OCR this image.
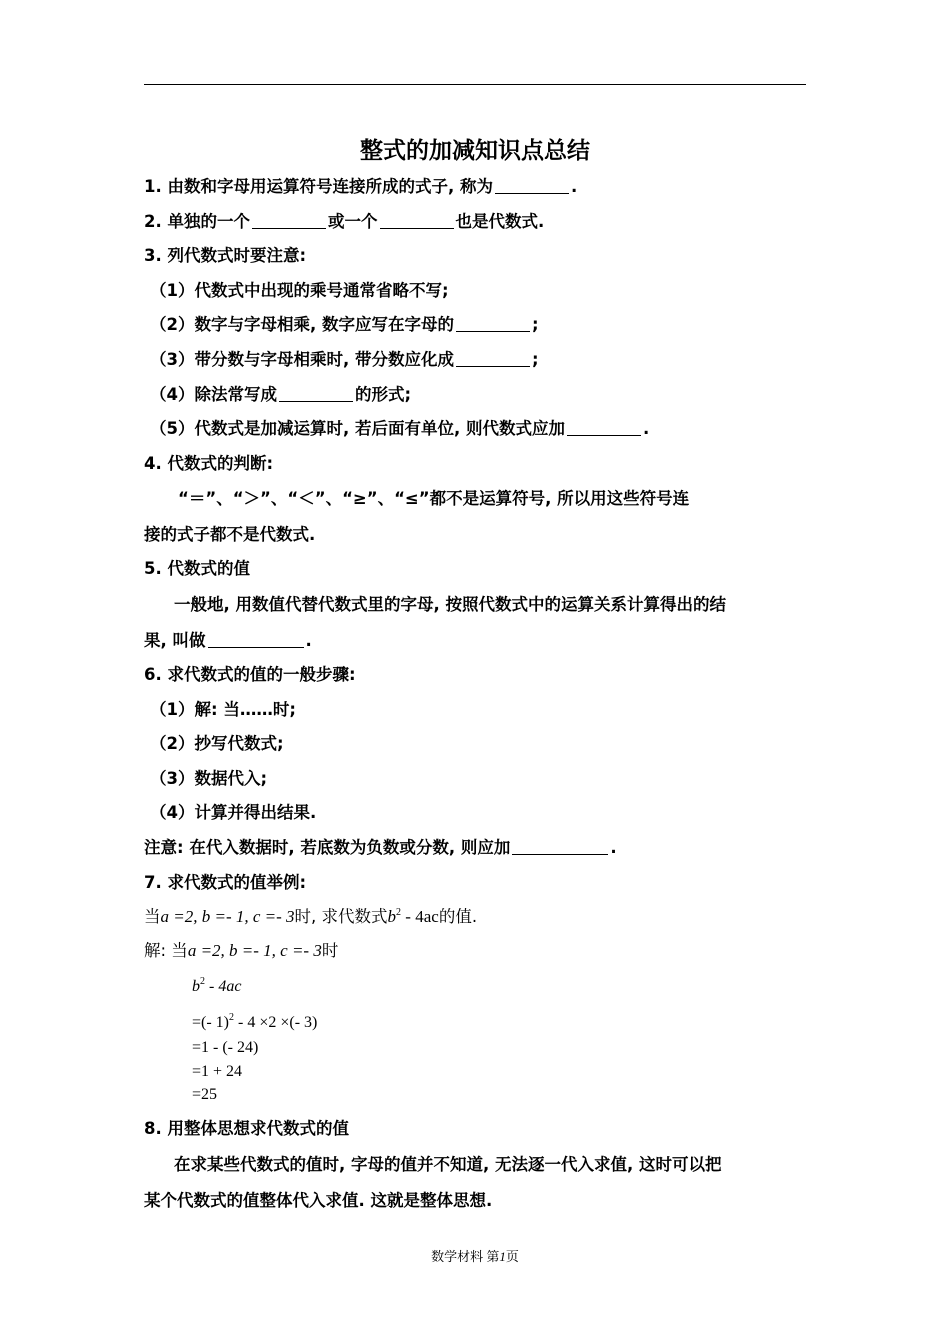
整式的加减知识点总结
1. 由数和字母用运算符号连接所成的式子, 称为	.
2. 单独的一个	或一个	也是代数式.
3. 列代数式时要注意:
（1）代数式中出现的乘号通常省略不写;
（2）数字与字母相乘, 数字应写在字母的	;
（3）带分数与字母相乘时, 带分数应化成	;
（4）除法常写成	的形式;
（5）代数式是加减运算时, 若后面有单位, 则代数式应加	.
4. 代数式的判断:
“＝”、“＞”、“＜”、“≥”、“≤”都不是运算符号, 所以用这些符号连
接的式子都不是代数式.
5. 代数式的值
一般地, 用数值代替代数式里的字母, 按照代数式中的运算关系计算得出的结
果, 叫做	.
6. 求代数式的值的一般步骤:
（1）解: 当……时;
（2）抄写代数式;
（3）数据代入;
（4）计算并得出结果.
注意: 在代入数据时, 若底数为负数或分数, 则应加	.
7. 求代数式的值举例:
当a =2, b =- 1, c =- 3时, 求代数式$b^2 - 4ac$的值.
解: 当a =2, b =- 1, c =- 3时
$b^2 - 4ac$
=(- 1)$^2$ - 4 ×2 ×(- 3)
=1 - (- 24)
=1 + 24
=25
8. 用整体思想求代数式的值
在求某些代数式的值时, 字母的值并不知道, 无法逐一代入求值, 这时可以把
某个代数式的值整体代入求值. 这就是整体思想.
数学材料 第1页
